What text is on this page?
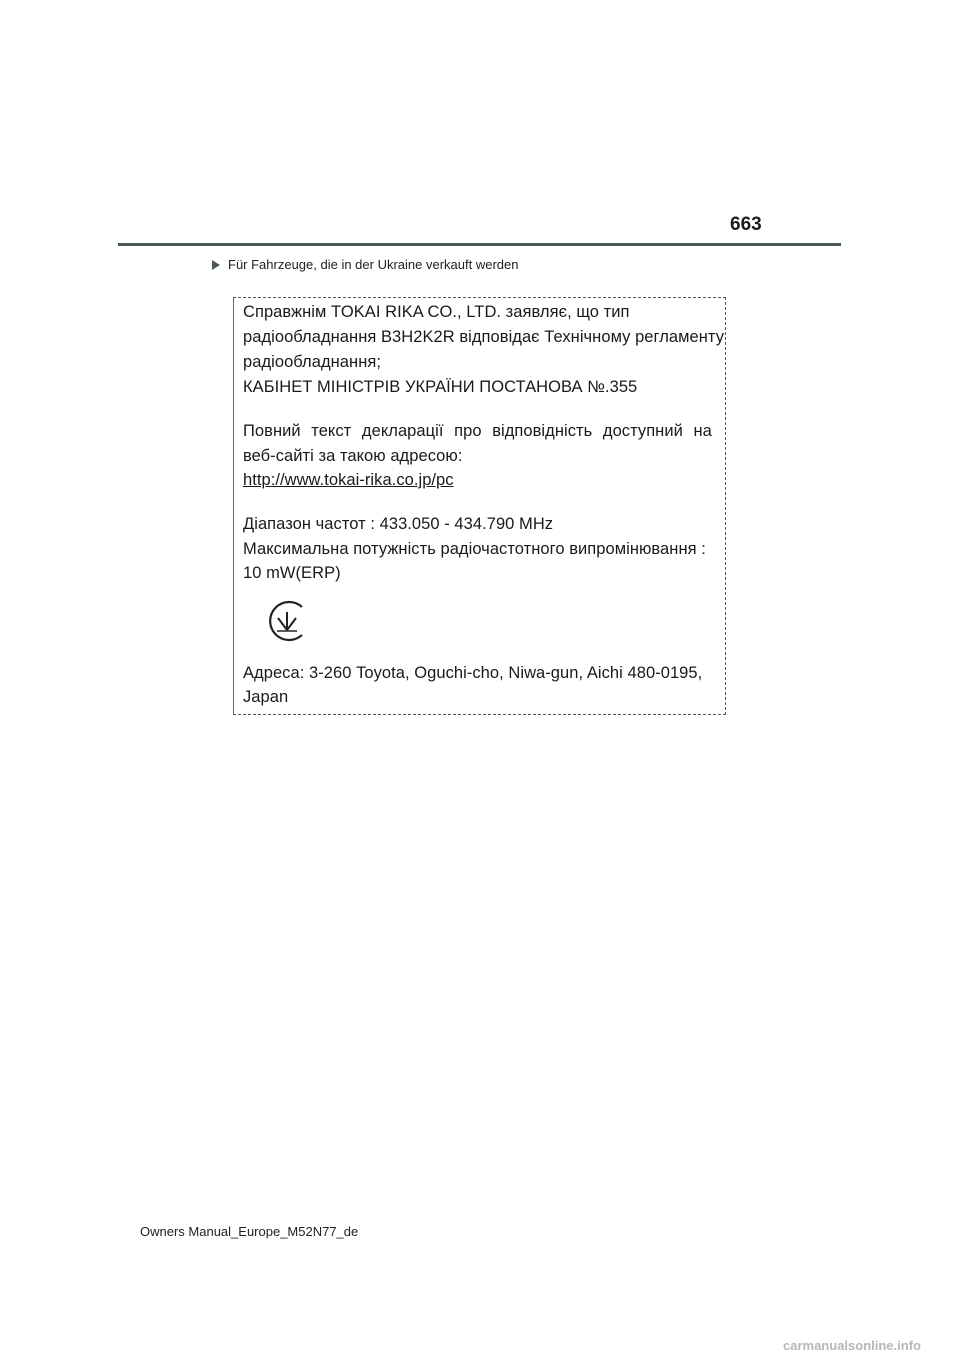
663
Für Fahrzeuge, die in der Ukraine verkauft werden
Справжнім TOKAI RIKA CO., LTD. заявляє, що тип
радіообладнання B3H2K2R відповідає Технічному регламенту
радіообладнання;
КАБІНЕТ МІНІСТРІВ УКРАЇНИ ПОСТАНОВА №.355
Повний текст декларації про відповідність доступний на
веб-сайті за такою адресою:
http://www.tokai-rika.co.jp/pc
Діапазон частот : 433.050 - 434.790 MHz
Максимальна потужність радіочастотного випромінювання :
10 mW(ERP)
Адреса: 3-260 Toyota, Oguchi-cho, Niwa-gun, Aichi 480-0195,
Japan
Owners Manual_Europe_M52N77_de
carmanualsonline.info
